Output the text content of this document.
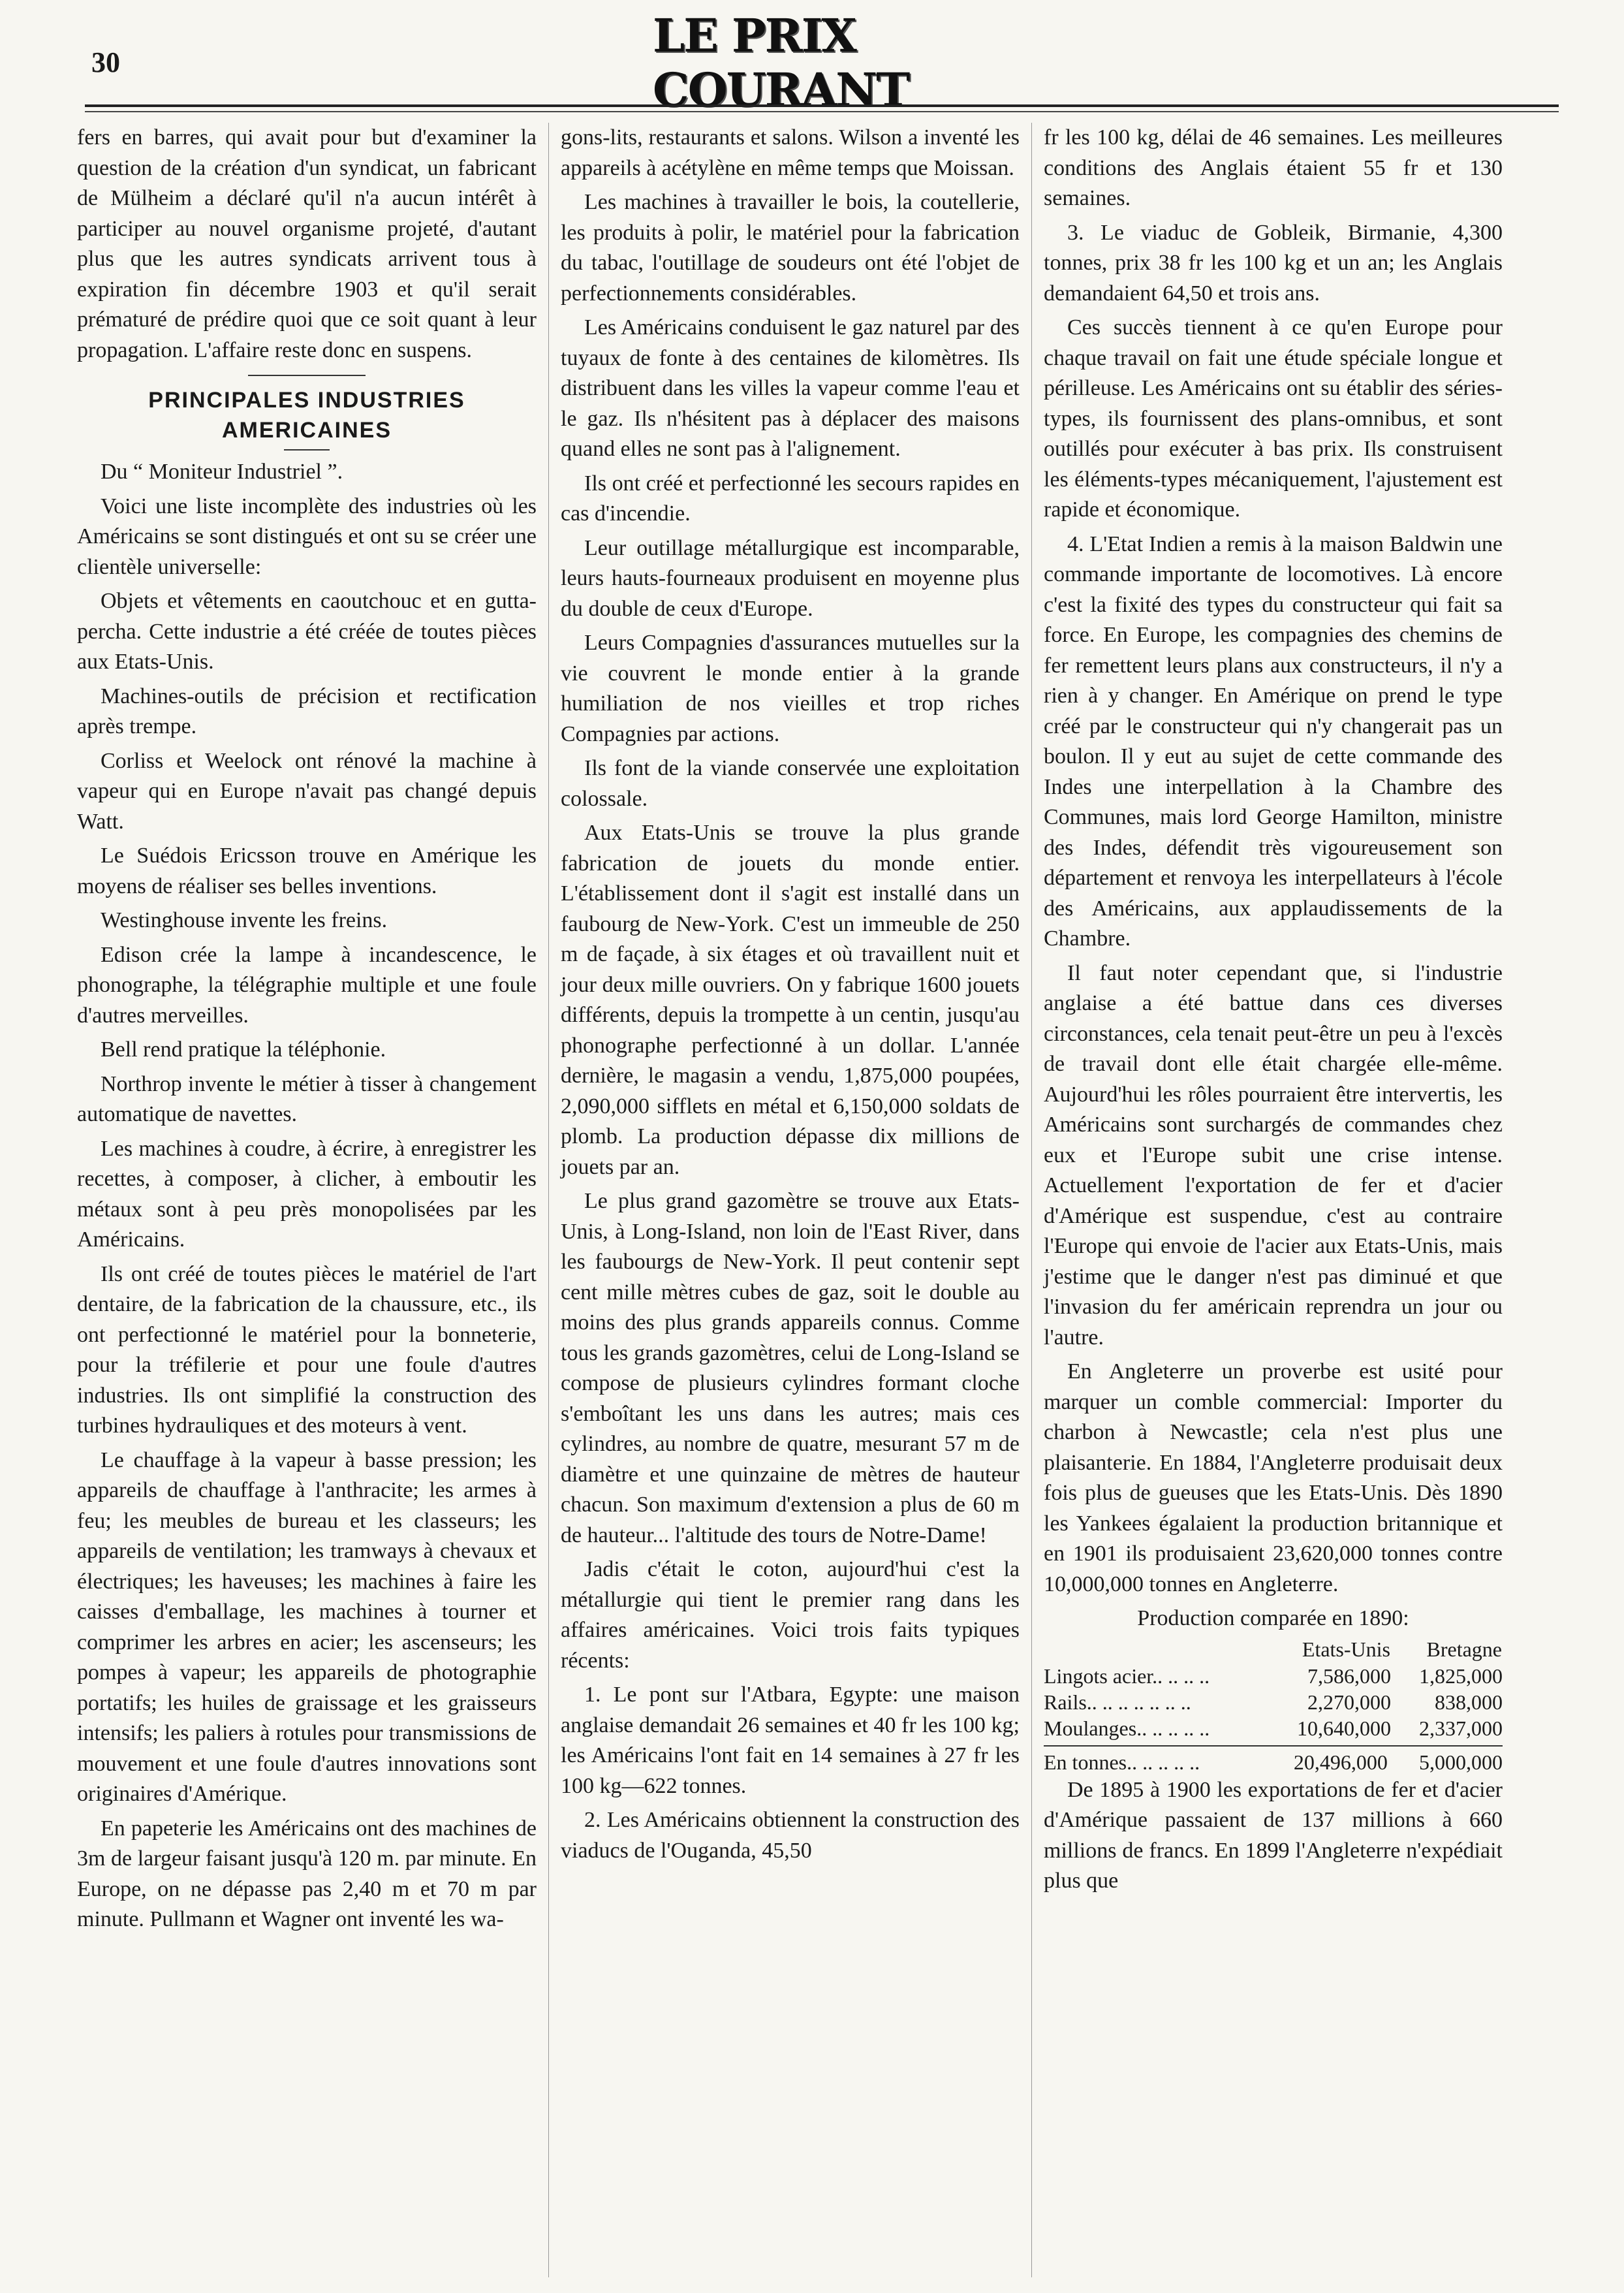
30	LE PRIX COURANT

fers en barres, qui avait pour but d'examiner la question de la création d'un syndicat, un fabricant de Mülheim a déclaré qu'il n'a aucun intérêt à participer au nouvel organisme projeté, d'autant plus que les autres syndicats arrivent tous à expiration fin décembre 1903 et qu'il serait prématuré de prédire quoi que ce soit quant à leur propagation. L'affaire reste donc en suspens.

PRINCIPALES INDUSTRIES AMERICAINES

Du “ Moniteur Industriel ”.

Voici une liste incomplète des industries où les Américains se sont distingués et ont su se créer une clientèle universelle:

Objets et vêtements en caoutchouc et en gutta-percha. Cette industrie a été créée de toutes pièces aux Etats-Unis.

Machines-outils de précision et rectification après trempe.

Corliss et Weelock ont rénové la machine à vapeur qui en Europe n'avait pas changé depuis Watt.

Le Suédois Ericsson trouve en Amérique les moyens de réaliser ses belles inventions.

Westinghouse invente les freins.

Edison crée la lampe à incandescence, le phonographe, la télégraphie multiple et une foule d'autres merveilles.

Bell rend pratique la téléphonie.

Northrop invente le métier à tisser à changement automatique de navettes.

Les machines à coudre, à écrire, à enregistrer les recettes, à composer, à clicher, à emboutir les métaux sont à peu près monopolisées par les Américains.

Ils ont créé de toutes pièces le matériel de l'art dentaire, de la fabrication de la chaussure, etc., ils ont perfectionné le matériel pour la bonneterie, pour la tréfilerie et pour une foule d'autres industries. Ils ont simplifié la construction des turbines hydrauliques et des moteurs à vent.

Le chauffage à la vapeur à basse pression; les appareils de chauffage à l'anthracite; les armes à feu; les meubles de bureau et les classeurs; les appareils de ventilation; les tramways à chevaux et électriques; les haveuses; les machines à faire les caisses d'emballage, les machines à tourner et comprimer les arbres en acier; les ascenseurs; les pompes à vapeur; les appareils de photographie portatifs; les huiles de graissage et les graisseurs intensifs; les paliers à rotules pour transmissions de mouvement et une foule d'autres innovations sont originaires d'Amérique.

En papeterie les Américains ont des machines de 3m de largeur faisant jusqu'à 120 m. par minute. En Europe, on ne dépasse pas 2,40 m et 70 m par minute. Pullmann et Wagner ont inventé les wa-

gons-lits, restaurants et salons. Wilson a inventé les appareils à acétylène en même temps que Moissan.

Les machines à travailler le bois, la coutellerie, les produits à polir, le matériel pour la fabrication du tabac, l'outillage de soudeurs ont été l'objet de perfectionnements considérables.

Les Américains conduisent le gaz naturel par des tuyaux de fonte à des centaines de kilomètres. Ils distribuent dans les villes la vapeur comme l'eau et le gaz. Ils n'hésitent pas à déplacer des maisons quand elles ne sont pas à l'alignement.

Ils ont créé et perfectionné les secours rapides en cas d'incendie.

Leur outillage métallurgique est incomparable, leurs hauts-fourneaux produisent en moyenne plus du double de ceux d'Europe.

Leurs Compagnies d'assurances mutuelles sur la vie couvrent le monde entier à la grande humiliation de nos vieilles et trop riches Compagnies par actions.

Ils font de la viande conservée une exploitation colossale.

Aux Etats-Unis se trouve la plus grande fabrication de jouets du monde entier. L'établissement dont il s'agit est installé dans un faubourg de New-York. C'est un immeuble de 250 m de façade, à six étages et où travaillent nuit et jour deux mille ouvriers. On y fabrique 1600 jouets différents, depuis la trompette à un centin, jusqu'au phonographe perfectionné à un dollar. L'année dernière, le magasin a vendu, 1,875,000 poupées, 2,090,000 sifflets en métal et 6,150,000 soldats de plomb. La production dépasse dix millions de jouets par an.

Le plus grand gazomètre se trouve aux Etats-Unis, à Long-Island, non loin de l'East River, dans les faubourgs de New-York. Il peut contenir sept cent mille mètres cubes de gaz, soit le double au moins des plus grands appareils connus. Comme tous les grands gazomètres, celui de Long-Island se compose de plusieurs cylindres formant cloche s'emboîtant les uns dans les autres; mais ces cylindres, au nombre de quatre, mesurant 57 m de diamètre et une quinzaine de mètres de hauteur chacun. Son maximum d'extension a plus de 60 m de hauteur... l'altitude des tours de Notre-Dame!

Jadis c'était le coton, aujourd'hui c'est la métallurgie qui tient le premier rang dans les affaires américaines. Voici trois faits typiques récents:

1. Le pont sur l'Atbara, Egypte: une maison anglaise demandait 26 semaines et 40 fr les 100 kg; les Américains l'ont fait en 14 semaines à 27 fr les 100 kg—622 tonnes.

2. Les Américains obtiennent la construction des viaducs de l'Ouganda, 45,50

fr les 100 kg, délai de 46 semaines. Les meilleures conditions des Anglais étaient 55 fr et 130 semaines.

3. Le viaduc de Gobleik, Birmanie, 4,300 tonnes, prix 38 fr les 100 kg et un an; les Anglais demandaient 64,50 et trois ans.

Ces succès tiennent à ce qu'en Europe pour chaque travail on fait une étude spéciale longue et périlleuse. Les Américains ont su établir des séries-types, ils fournissent des plans-omnibus, et sont outillés pour exécuter à bas prix. Ils construisent les éléments-types mécaniquement, l'ajustement est rapide et économique.

4. L'Etat Indien a remis à la maison Baldwin une commande importante de locomotives. Là encore c'est la fixité des types du constructeur qui fait sa force. En Europe, les compagnies des chemins de fer remettent leurs plans aux constructeurs, il n'y a rien à y changer. En Amérique on prend le type créé par le constructeur qui n'y changerait pas un boulon. Il y eut au sujet de cette commande des Indes une interpellation à la Chambre des Communes, mais lord George Hamilton, ministre des Indes, défendit très vigoureusement son département et renvoya les interpellateurs à l'école des Américains, aux applaudissements de la Chambre.

Il faut noter cependant que, si l'industrie anglaise a été battue dans ces diverses circonstances, cela tenait peut-être un peu à l'excès de travail dont elle était chargée elle-même. Aujourd'hui les rôles pourraient être intervertis, les Américains sont surchargés de commandes chez eux et l'Europe subit une crise intense. Actuellement l'exportation de fer et d'acier d'Amérique est suspendue, c'est au contraire l'Europe qui envoie de l'acier aux Etats-Unis, mais j'estime que le danger n'est pas diminué et que l'invasion du fer américain reprendra un jour ou l'autre.

En Angleterre un proverbe est usité pour marquer un comble commercial: Importer du charbon à Newcastle; cela n'est plus une plaisanterie. En 1884, l'Angleterre produisait deux fois plus de gueuses que les Etats-Unis. Dès 1890 les Yankees égalaient la production britannique et en 1901 ils produisaient 23,620,000 tonnes contre 10,000,000 tonnes en Angleterre.

Production comparée en 1890:
	Etats-Unis	Bretagne
Lingots acier.. .. .. ..	7,586,000	1,825,000
Rails.. .. .. .. .. .. ..	2,270,000	838,000
Moulanges.. .. .. .. ..	10,640,000	2,337,000
En tonnes.. .. .. .. ..	20,496,000	5,000,000

De 1895 à 1900 les exportations de fer et d'acier d'Amérique passaient de 137 millions à 660 millions de francs. En 1899 l'Angleterre n'expédiait plus que
